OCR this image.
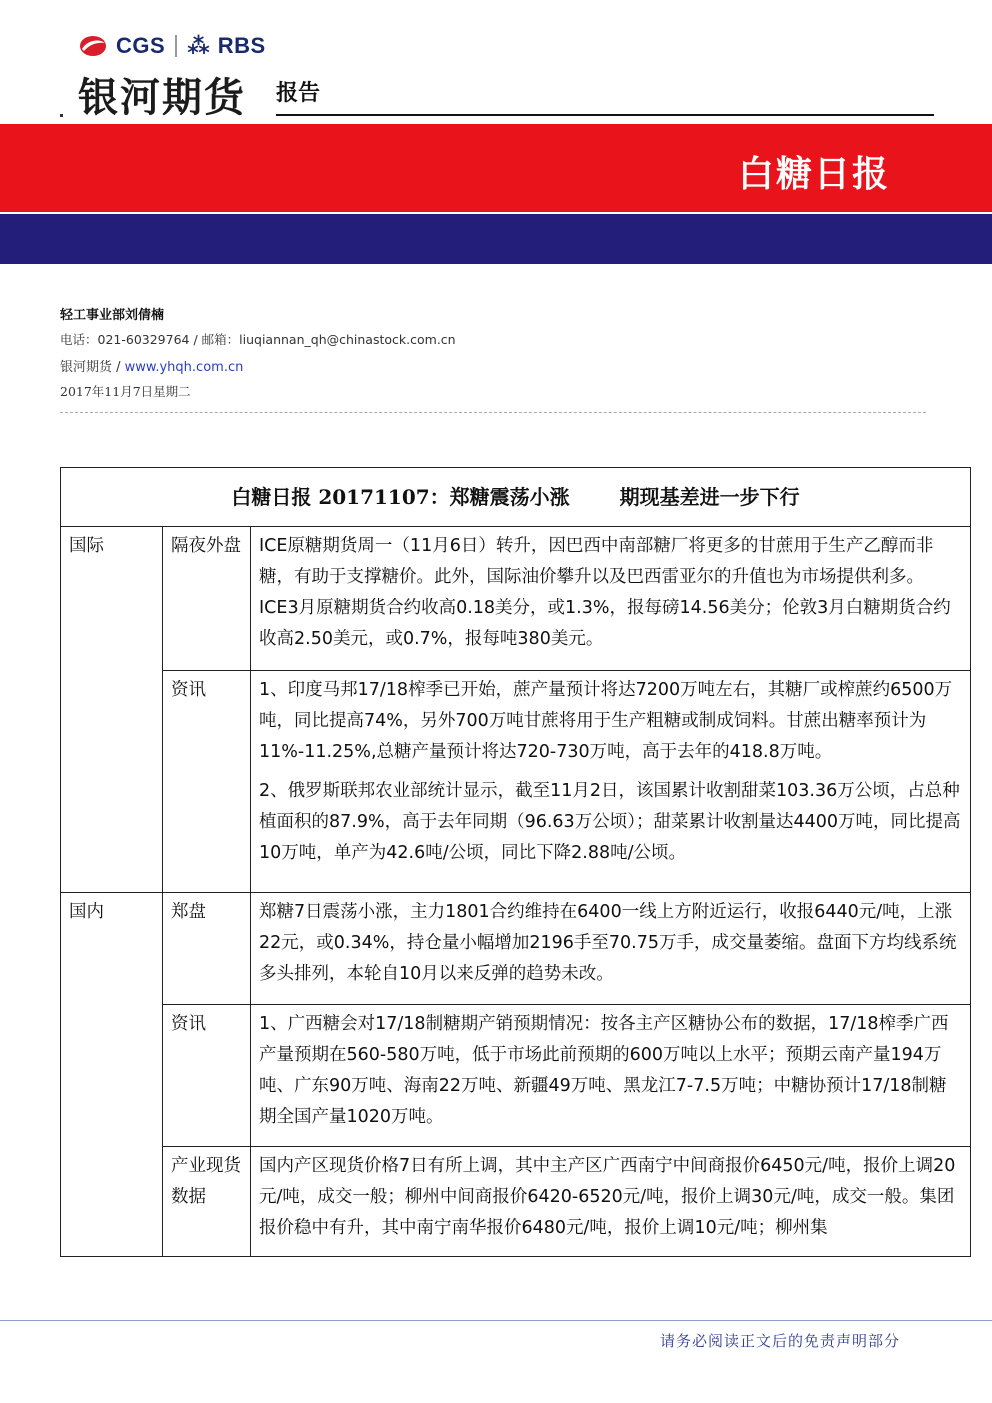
CGS ⁂ RBS
银河期货 报告
白糖日报
轻工事业部刘倩楠
电话：021-60329764 / 邮箱：liuqiannan_qh@chinastock.com.cn
银河期货 / www.yhqh.com.cn
2017年11月7日星期二
白糖日报 20171107：郑糖震荡小涨 期现基差进一步下行		
国际	隔夜外盘	ICE原糖期货周一（11月6日）转升，因巴西中南部糖厂将更多的甘蔗用于生产乙醇而非糖，有助于支撑糖价。此外，国际油价攀升以及巴西雷亚尔的升值也为市场提供利多。ICE3月原糖期货合约收高0.18美分，或1.3%，报每磅14.56美分；伦敦3月白糖期货合约收高2.50美元，或0.7%，报每吨380美元。

	资讯	1、印度马邦17/18榨季已开始，蔗产量预计将达7200万吨左右，其糖厂或榨蔗约6500万吨，同比提高74%，另外700万吨甘蔗将用于生产粗糖或制成饲料。甘蔗出糖率预计为11%-11.25%,总糖产量预计将达720-730万吨，高于去年的418.8万吨。

2、俄罗斯联邦农业部统计显示，截至11月2日，该国累计收割甜菜103.36万公顷，占总种植面积的87.9%，高于去年同期（96.63万公顷）；甜菜累计收割量达4400万吨，同比提高10万吨，单产为42.6吨/公顷，同比下降2.88吨/公顷。

国内	郑盘	郑糖7日震荡小涨，主力1801合约维持在6400一线上方附近运行，收报6440元/吨，上涨22元，或0.34%，持仓量小幅增加2196手至70.75万手，成交量萎缩。盘面下方均线系统多头排列，本轮自10月以来反弹的趋势未改。

	资讯	1、广西糖会对17/18制糖期产销预期情况：按各主产区糖协公布的数据，17/18榨季广西产量预期在560-580万吨，低于市场此前预期的600万吨以上水平；预期云南产量194万吨、广东90万吨、海南22万吨、新疆49万吨、黑龙江7-7.5万吨；中糖协预计17/18制糖期全国产量1020万吨。

	产业现货数据	国内产区现货价格7日有所上调，其中主产区广西南宁中间商报价6450元/吨，报价上调20元/吨，成交一般；柳州中间商报价6420-6520元/吨，报价上调30元/吨，成交一般。集团报价稳中有升，其中南宁南华报价6480元/吨，报价上调10元/吨；柳州集

请务必阅读正文后的免责声明部分
